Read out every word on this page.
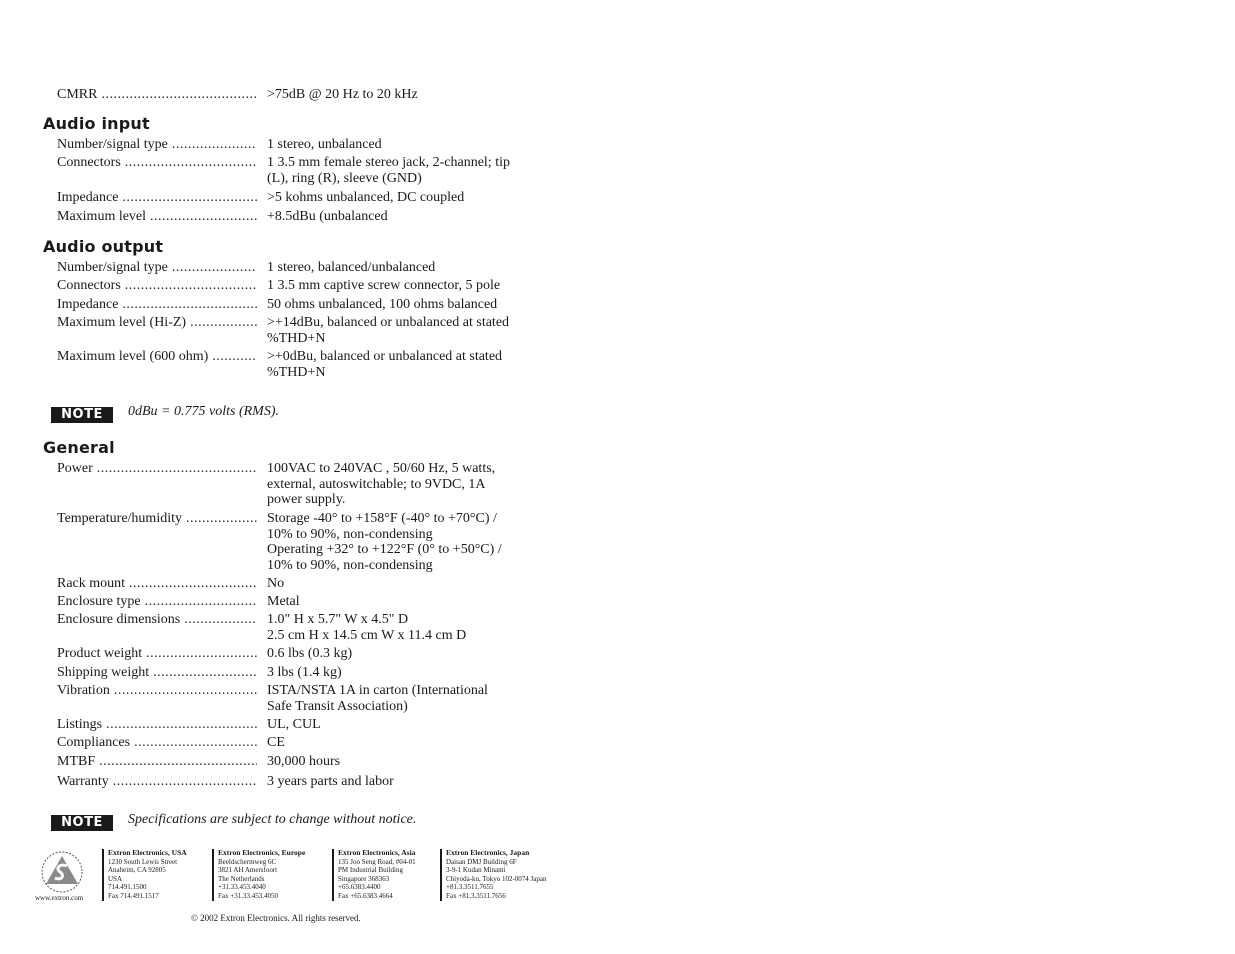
CMRR .....	>75dB @ 20 Hz to 20 kHz
Audio input
Number/signal type .....	1 stereo, unbalanced
Connectors .....	1 3.5 mm female stereo jack, 2-channel; tip
(L), ring (R), sleeve (GND)
Impedance .....	>5 kohms unbalanced, DC coupled
Maximum level .....	+8.5dBu (unbalanced
Audio output
Number/signal type .....	1 stereo, balanced/unbalanced
Connectors .....	1 3.5 mm captive screw connector, 5 pole
Impedance .....	50 ohms unbalanced, 100 ohms balanced
Maximum level (Hi-Z) .....	>+14dBu, balanced or unbalanced at stated
%THD+N
Maximum level (600 ohm) .....	>+0dBu, balanced or unbalanced at stated
%THD+N
NOTE	0dBu = 0.775 volts (RMS).
General
Power .....	100VAC to 240VAC , 50/60 Hz, 5 watts,
external, autoswitchable; to 9VDC, 1A
power supply.
Temperature/humidity .....	Storage -40° to +158°F (-40° to +70°C) /
10% to 90%, non-condensing
Operating +32° to +122°F (0° to +50°C) /
10% to 90%, non-condensing
Rack mount .....	No
Enclosure type .....	Metal
Enclosure dimensions .....	1.0" H x 5.7" W x 4.5" D
2.5 cm H x 14.5 cm W x 11.4 cm D
Product weight .....	0.6 lbs (0.3 kg)
Shipping weight .....	3 lbs (1.4 kg)
Vibration .....	ISTA/NSTA 1A in carton (International
Safe Transit Association)
Listings .....	UL, CUL
Compliances .....	CE
MTBF .....	30,000 hours
Warranty .....	3 years parts and labor
NOTE	Specifications are subject to change without notice.
www.extron.com
Extron Electronics, USA
1230 South Lewis Street
Anaheim, CA 92805
USA
714.491.1500
Fax 714.491.1517
Extron Electronics, Europe
Beeldschermweg 6C
3821 AH Amersfoort
The Netherlands
+31.33.453.4040
Fax +31.33.453.4050
Extron Electronics, Asia
135 Joo Seng Road, #04-01
PM Industrial Building
Singapore 368363
+65.6383.4400
Fax +65.6383.4664
Extron Electronics, Japan
Daisan DMJ Building 6F
3-9-1 Kudan Minami
Chiyoda-ku, Tokyo 102-0074 Japan
+81.3.3511.7655
Fax +81.3.3511.7656
© 2002 Extron Electronics. All rights reserved.
